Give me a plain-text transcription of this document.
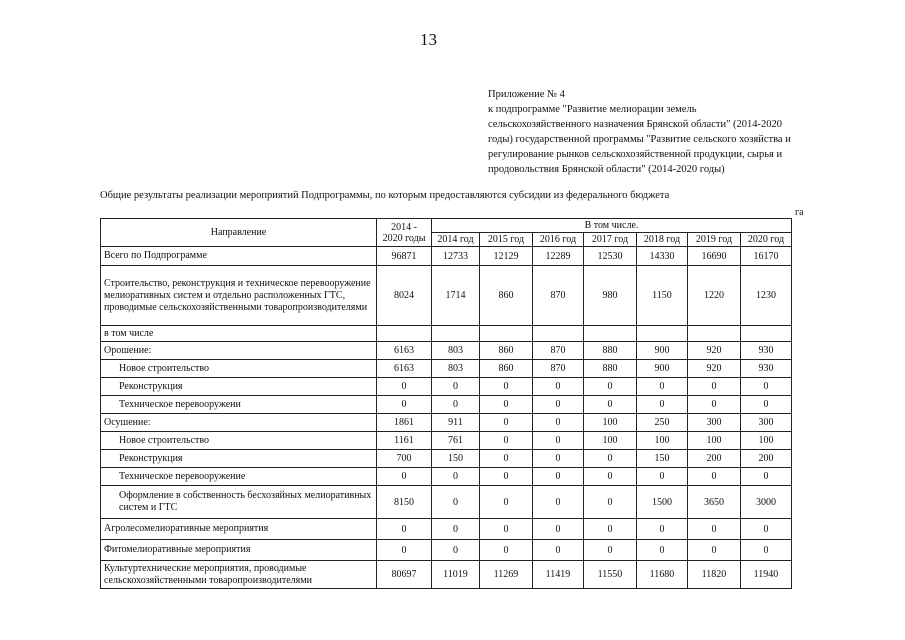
13
Приложение № 4
к подпрограмме "Развитие мелиорации земель
сельскохозяйственного назначения Брянской области" (2014-2020
годы) государственной программы "Развитие сельского хозяйства и
регулирование рынков сельскохозяйственной продукции, сырья и
продовольствия Брянской области" (2014-2020 годы)
Общие результаты реализации мероприятий Подпрограммы, по которым предоставляются субсидии из федерального бюджета
га
Направление	2014 - 2020 годы	В том числе.						
		2014 год	2015 год	2016 год	2017 год	2018 год	2019 год	2020 год
Всего по Подпрограмме	96871	12733	12129	12289	12530	14330	16690	16170
Строительство, реконструкция и техническое перевооружение мелиоративных систем и отдельно расположенных ГТС, проводимые сельскохозяйственными товаропроизводителями	8024	1714	860	870	980	1150	1220	1230
в том числе								
Орошение:	6163	803	860	870	880	900	920	930
Новое строительство	6163	803	860	870	880	900	920	930
Реконструкция	0	0	0	0	0	0	0	0
Техническое перевооружени	0	0	0	0	0	0	0	0
Осушение:	1861	911	0	0	100	250	300	300
Новое строительство	1161	761	0	0	100	100	100	100
Реконструкция	700	150	0	0	0	150	200	200
Техническое перевооружение	0	0	0	0	0	0	0	0
Оформление в собственность бесхозяйных мелиоративных систем и ГТС	8150	0	0	0	0	1500	3650	3000
Агролесомелиоративные мероприятия	0	0	0	0	0	0	0	0
Фитомелиоративные мероприятия	0	0	0	0	0	0	0	0
Культуртехнические мероприятия, проводимые сельскохозяйственными товаропроизводителями	80697	11019	11269	11419	11550	11680	11820	11940
